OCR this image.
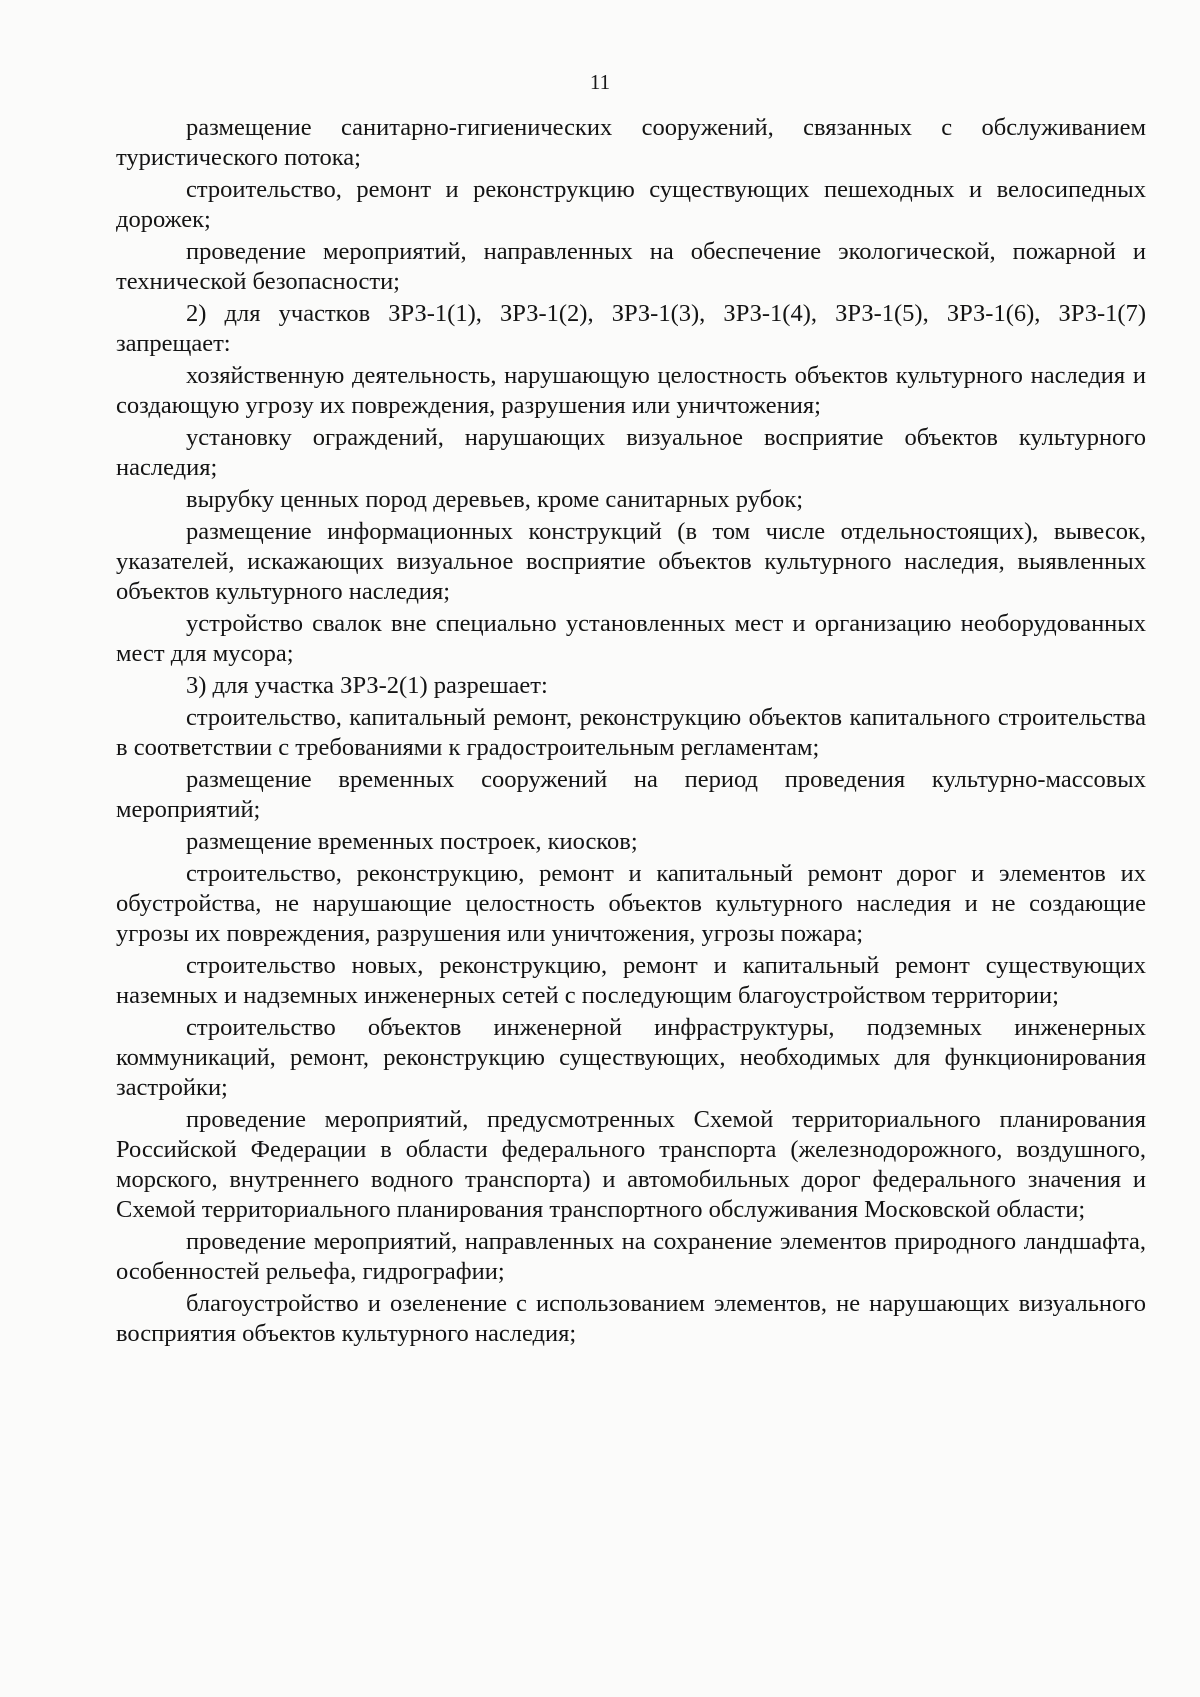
11

размещение санитарно-гигиенических сооружений, связанных с обслуживанием туристического потока;

строительство, ремонт и реконструкцию существующих пешеходных и велосипедных дорожек;

проведение мероприятий, направленных на обеспечение экологической, пожарной и технической безопасности;

2) для участков ЗРЗ-1(1), ЗРЗ-1(2), ЗРЗ-1(3), ЗРЗ-1(4), ЗРЗ-1(5), ЗРЗ-1(6), ЗРЗ-1(7) запрещает:

хозяйственную деятельность, нарушающую целостность объектов культурного наследия и создающую угрозу их повреждения, разрушения или уничтожения;

установку ограждений, нарушающих визуальное восприятие объектов культурного наследия;

вырубку ценных пород деревьев, кроме санитарных рубок;

размещение информационных конструкций (в том числе отдельностоящих), вывесок, указателей, искажающих визуальное восприятие объектов культурного наследия, выявленных объектов культурного наследия;

устройство свалок вне специально установленных мест и организацию необорудованных мест для мусора;

3) для участка ЗРЗ-2(1) разрешает:

строительство, капитальный ремонт, реконструкцию объектов капитального строительства в соответствии с требованиями к градостроительным регламентам;

размещение временных сооружений на период проведения культурно-массовых мероприятий;

размещение временных построек, киосков;

строительство, реконструкцию, ремонт и капитальный ремонт дорог и элементов их обустройства, не нарушающие целостность объектов культурного наследия и не создающие угрозы их повреждения, разрушения или уничтожения, угрозы пожара;

строительство новых, реконструкцию, ремонт и капитальный ремонт существующих наземных и надземных инженерных сетей с последующим благоустройством территории;

строительство объектов инженерной инфраструктуры, подземных инженерных коммуникаций, ремонт, реконструкцию существующих, необходимых для функционирования застройки;

проведение мероприятий, предусмотренных Схемой территориального планирования Российской Федерации в области федерального транспорта (железнодорожного, воздушного, морского, внутреннего водного транспорта) и автомобильных дорог федерального значения и Схемой территориального планирования транспортного обслуживания Московской области;

проведение мероприятий, направленных на сохранение элементов природного ландшафта, особенностей рельефа, гидрографии;

благоустройство и озеленение с использованием элементов, не нарушающих визуального восприятия объектов культурного наследия;
